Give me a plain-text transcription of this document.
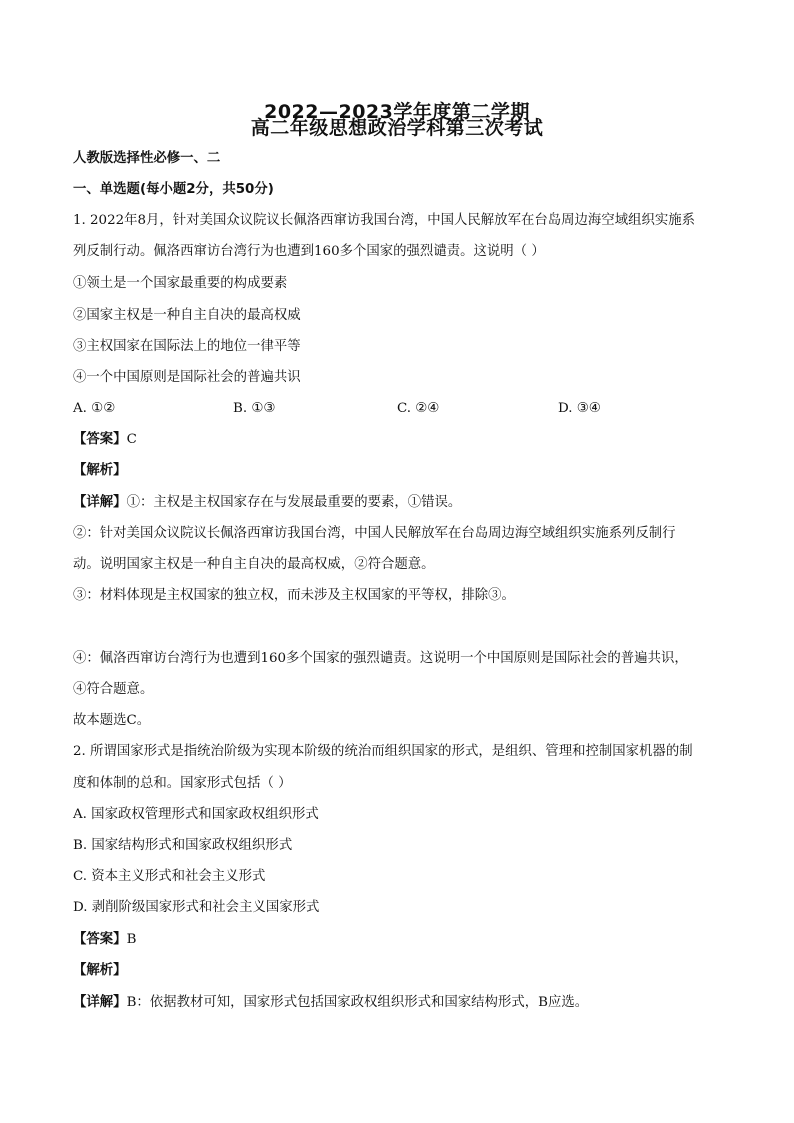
2022—2023学年度第二学期
高二年级思想政治学科第三次考试
人教版选择性必修一、二
一、单选题(每小题2分，共50分)
1. 2022年8月，针对美国众议院议长佩洛西窜访我国台湾，中国人民解放军在台岛周边海空域组织实施系
列反制行动。佩洛西窜访台湾行为也遭到160多个国家的强烈谴责。这说明（ ）
①领土是一个国家最重要的构成要素
②国家主权是一种自主自决的最高权威
③主权国家在国际法上的地位一律平等
④一个中国原则是国际社会的普遍共识
A. ①②	B. ①③	C. ②④	D. ③④
【答案】C
【解析】
【详解】①：主权是主权国家存在与发展最重要的要素，①错误。
②：针对美国众议院议长佩洛西窜访我国台湾，中国人民解放军在台岛周边海空域组织实施系列反制行
动。说明国家主权是一种自主自决的最高权威，②符合题意。
③：材料体现是主权国家的独立权，而未涉及主权国家的平等权，排除③。
④：佩洛西窜访台湾行为也遭到160多个国家的强烈谴责。这说明一个中国原则是国际社会的普遍共识，
④符合题意。
故本题选C。
2. 所谓国家形式是指统治阶级为实现本阶级的统治而组织国家的形式，是组织、管理和控制国家机器的制
度和体制的总和。国家形式包括（ ）
A. 国家政权管理形式和国家政权组织形式
B. 国家结构形式和国家政权组织形式
C. 资本主义形式和社会主义形式
D. 剥削阶级国家形式和社会主义国家形式
【答案】B
【解析】
【详解】B：依据教材可知，国家形式包括国家政权组织形式和国家结构形式，B应选。
